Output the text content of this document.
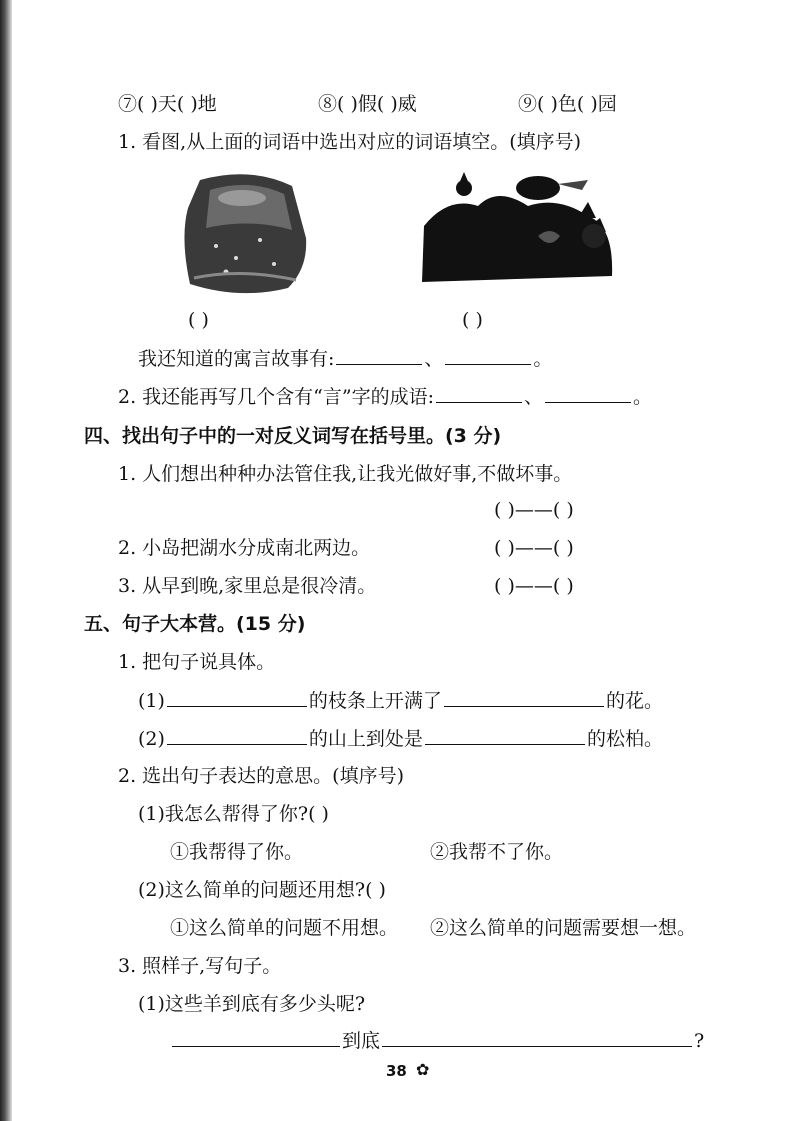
⑦( )天( )地	⑧( )假( )威	⑨( )色( )园
1. 看图,从上面的词语中选出对应的词语填空。(填序号)
( )	( )
我还知道的寓言故事有:	、	。
2. 我还能再写几个含有“言”字的成语:	、	。
四、找出句子中的一对反义词写在括号里。(3 分)
1. 人们想出种种办法管住我,让我光做好事,不做坏事。
( )——( )
2. 小岛把湖水分成南北两边。	( )——( )
3. 从早到晚,家里总是很冷清。	( )——( )
五、句子大本营。(15 分)
1. 把句子说具体。
(1)	的枝条上开满了	的花。
(2)	的山上到处是	的松柏。
2. 选出句子表达的意思。(填序号)
(1)我怎么帮得了你?( )
①我帮得了你。	②我帮不了你。
(2)这么简单的问题还用想?( )
①这么简单的问题不用想。 ②这么简单的问题需要想一想。
3. 照样子,写句子。
(1)这些羊到底有多少头呢?
到底	?
38 ✿
